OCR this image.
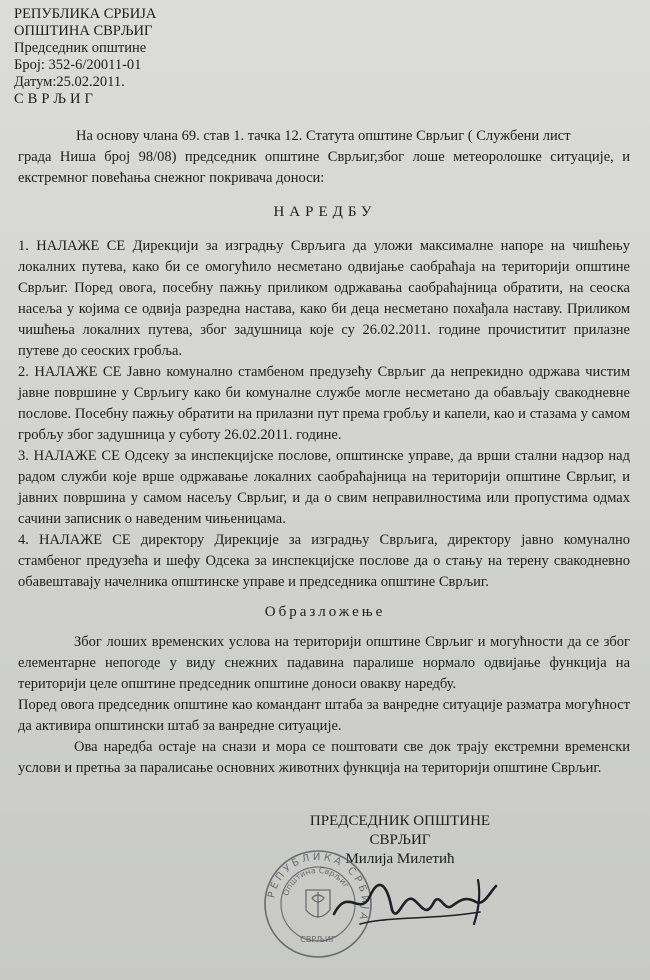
РЕПУБЛИКА СРБИЈА
ОПШТИНА СВРЉИГ
Председник општине
Број: 352-6/20011-01
Датум:25.02.2011.
СВРЉИГ
На основу члана 69. став 1. тачка 12. Статута општине Сврљиг ( Службени лист
града Ниша број 98/08) председник општине Сврљиг,због лоше метеоролошке ситуације, и екстремног повећања снежног покривача доноси:
НАРЕДБУ

1. НАЛАЖЕ СЕ Дирекцији за изградњу Сврљига да уложи максималне напоре на чишћењу локалних путева, како би се омогућило несметано одвијање саобраћаја на територији општине Сврљиг. Поред овога, посебну пажњу приликом одржавања саобраћајница обратити, на сеоска насеља у којима се одвија разредна настава, како би деца несметано похађала наставу. Приликом чишћења локалних путева, због задушница које су 26.02.2011. године прочиститит прилазне путеве до сеоских гробља.

2. НАЛАЖЕ СЕ Јавно комунално стамбеном предузећу Сврљиг да непрекидно одржава чистим јавне површине у Сврљигу како би комуналне службе могле несметано да обављају свакодневне послове. Посебну пажњу обратити на прилазни пут према гробљу и капели, као и стазама у самом гробљу због задушница у суботу 26.02.2011. године.

3. НАЛАЖЕ СЕ Одсеку за инспекцијске послове, општинске управе, да врши стални надзор над радом служби које врше одржавање локалних саобраћајница на територији општине Сврљиг, и јавних површина у самом насељу Сврљиг, и да о свим неправилностима или пропустима одмах сачини записник о наведеним чињеницама.

4. НАЛАЖЕ СЕ директору Дирекције за изградњу Сврљига, директору јавно комунално стамбеног предузећа и шефу Одсека за инспекцијске послове да о стању на терену свакодневно обавештавају начелника општинске управе и председника општине Сврљиг.

Образложење

Због лоших временских услова на територији општине Сврљиг и могућности да се због елементарне непогоде у виду снежних падавина паралише нормало одвијање функција на територији целе општине председник општине доноси овакву наредбу.

Поред овога председник општине као командант штаба за ванредне ситуације разматра могућност да активира општински штаб за ванредне ситуације.

Ова наредба остаје на снази и мора се поштовати све док трају екстремни временски услови и претња за паралисање основних животних функција на територији општине Сврљиг.

ПРЕДСЕДНИК ОПШТИНЕ
СВРЉИГ
Милија Милетић
РЕПУБЛИКА СРБИЈА
Општина Сврљиг
СВРЉИГ
